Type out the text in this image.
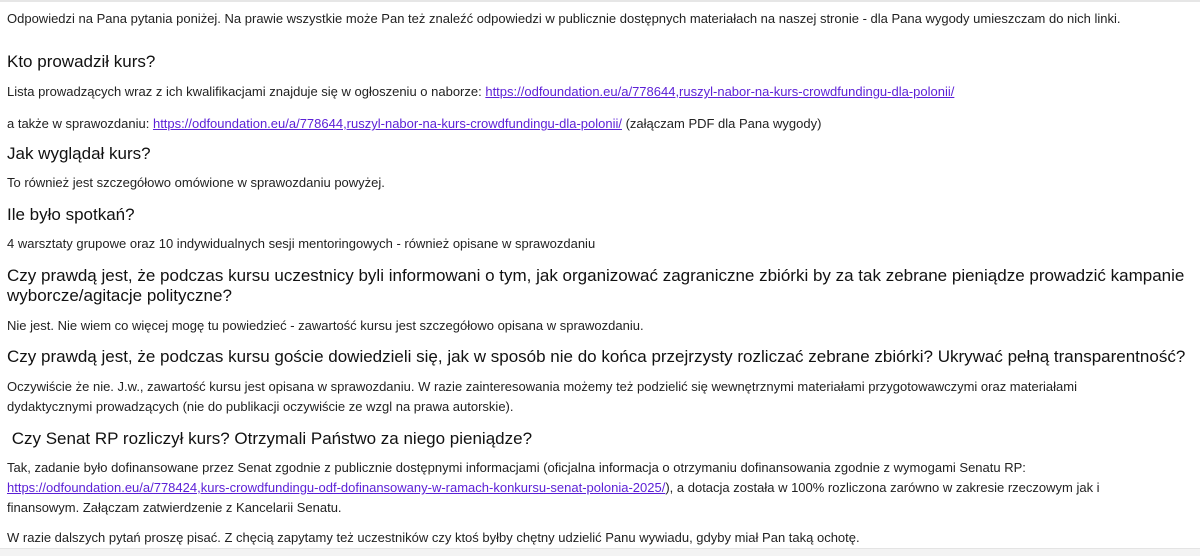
Odpowiedzi na Pana pytania poniżej. Na prawie wszystkie może Pan też znaleźć odpowiedzi w publicznie dostępnych materiałach na naszej stronie - dla Pana wygody umieszczam do nich linki.

Kto prowadził kurs?

Lista prowadzących wraz z ich kwalifikacjami znajduje się w ogłoszeniu o naborze: https://odfoundation.eu/a/778644,ruszyl-nabor-na-kurs-crowdfundingu-dla-polonii/

a także w sprawozdaniu: https://odfoundation.eu/a/778644,ruszyl-nabor-na-kurs-crowdfundingu-dla-polonii/ (załączam PDF dla Pana wygody)

Jak wyglądał kurs?

To również jest szczegółowo omówione w sprawozdaniu powyżej.

Ile było spotkań?

4 warsztaty grupowe oraz 10 indywidualnych sesji mentoringowych - również opisane w sprawozdaniu

Czy prawdą jest, że podczas kursu uczestnicy byli informowani o tym, jak organizować zagraniczne zbiórki by za tak zebrane pieniądze prowadzić kampanie
wyborcze/agitacje polityczne?

Nie jest. Nie wiem co więcej mogę tu powiedzieć - zawartość kursu jest szczegółowo opisana w sprawozdaniu.

Czy prawdą jest, że podczas kursu goście dowiedzieli się, jak w sposób nie do końca przejrzysty rozliczać zebrane zbiórki? Ukrywać pełną transparentność?

Oczywiście że nie. J.w., zawartość kursu jest opisana w sprawozdaniu. W razie zainteresowania możemy też podzielić się wewnętrznymi materiałami przygotowawczymi oraz materiałami

dydaktycznymi prowadzących (nie do publikacji oczywiście ze wzgl na prawa autorskie).

Czy Senat RP rozliczył kurs? Otrzymali Państwo za niego pieniądze?

Tak, zadanie było dofinansowane przez Senat zgodnie z publicznie dostępnymi informacjami (oficjalna informacja o otrzymaniu dofinansowania zgodnie z wymogami Senatu RP:

https://odfoundation.eu/a/778424,kurs-crowdfundingu-odf-dofinansowany-w-ramach-konkursu-senat-polonia-2025/), a dotacja została w 100% rozliczona zarówno w zakresie rzeczowym jak i

finansowym. Załączam zatwierdzenie z Kancelarii Senatu.

W razie dalszych pytań proszę pisać. Z chęcią zapytamy też uczestników czy ktoś byłby chętny udzielić Panu wywiadu, gdyby miał Pan taką ochotę.
